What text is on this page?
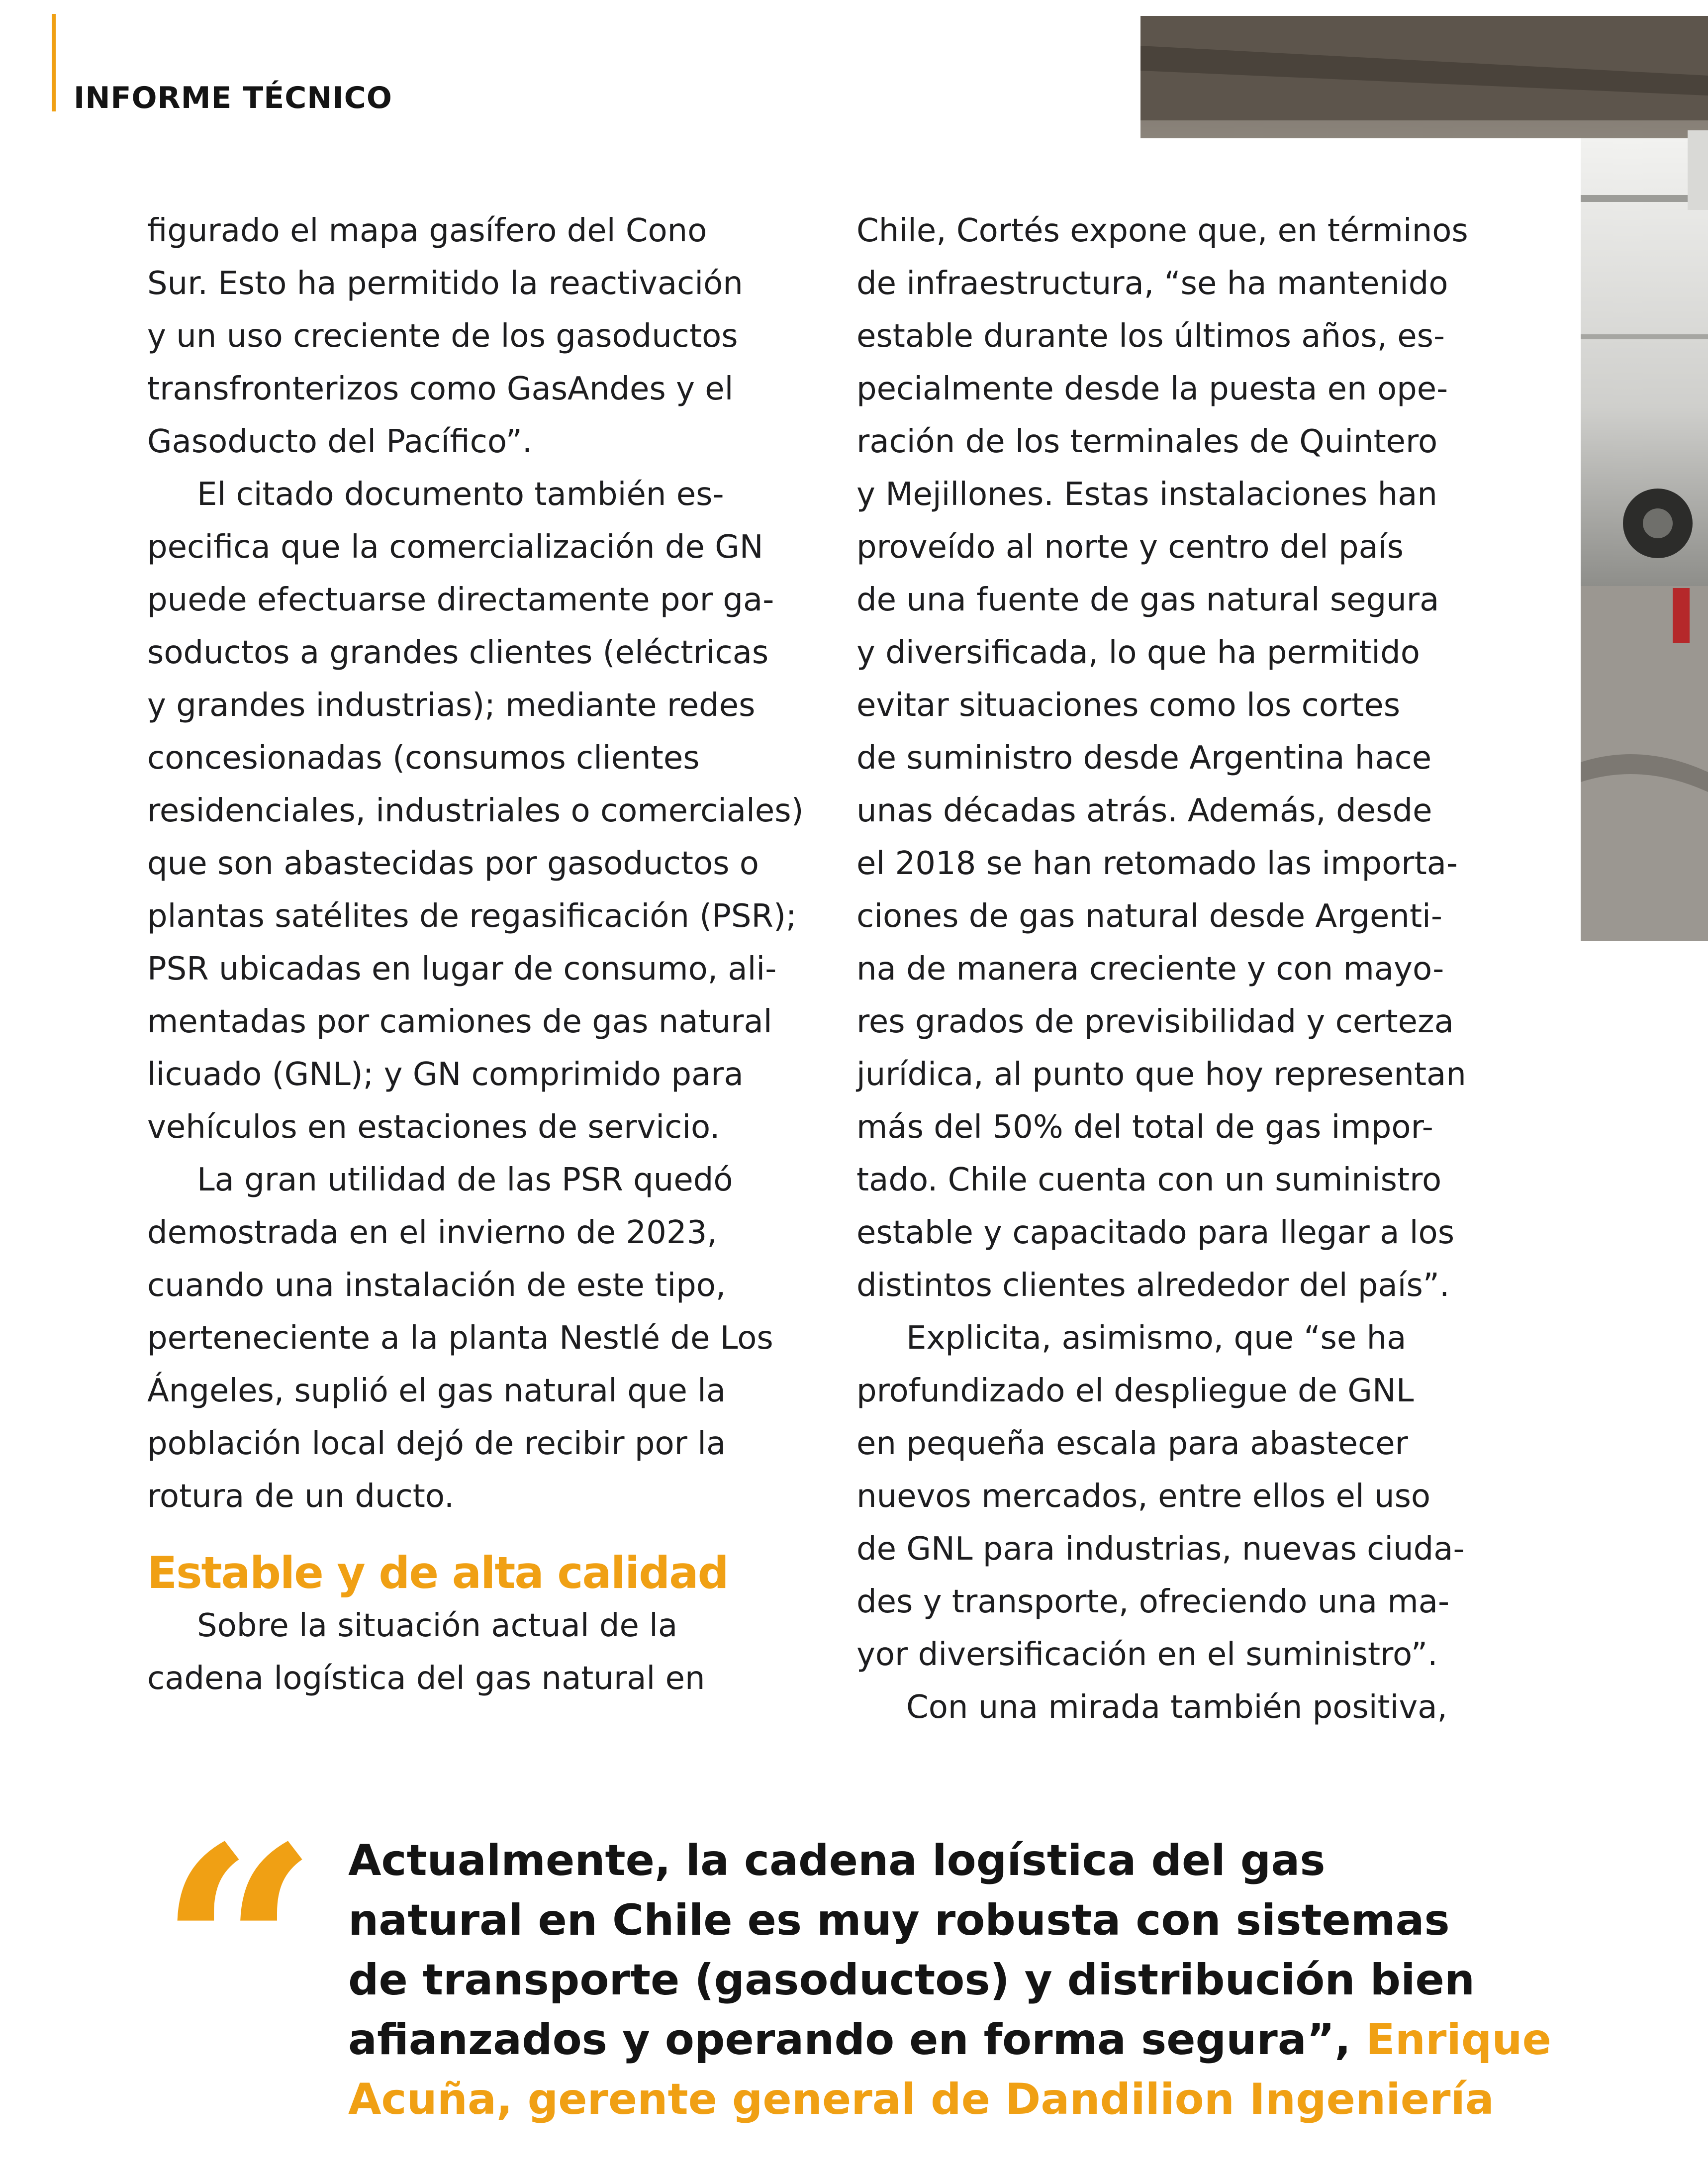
INFORME TÉCNICO
figurado el mapa gasífero del Cono
Sur. Esto ha permitido la reactivación
y un uso creciente de los gasoductos
transfronterizos como GasAndes y el
Gasoducto del Pacífico”.
El citado documento también es-
pecifica que la comercialización de GN
puede efectuarse directamente por ga-
soductos a grandes clientes (eléctricas
y grandes industrias); mediante redes
concesionadas (consumos clientes
residenciales, industriales o comerciales)
que son abastecidas por gasoductos o
plantas satélites de regasificación (PSR);
PSR ubicadas en lugar de consumo, ali-
mentadas por camiones de gas natural
licuado (GNL); y GN comprimido para
vehículos en estaciones de servicio.
La gran utilidad de las PSR quedó
demostrada en el invierno de 2023,
cuando una instalación de este tipo,
perteneciente a la planta Nestlé de Los
Ángeles, suplió el gas natural que la
población local dejó de recibir por la
rotura de un ducto.
Estable y de alta calidad
Sobre la situación actual de la
cadena logística del gas natural en
Chile, Cortés expone que, en términos
de infraestructura, “se ha mantenido
estable durante los últimos años, es-
pecialmente desde la puesta en ope-
ración de los terminales de Quintero
y Mejillones. Estas instalaciones han
proveído al norte y centro del país
de una fuente de gas natural segura
y diversificada, lo que ha permitido
evitar situaciones como los cortes
de suministro desde Argentina hace
unas décadas atrás. Además, desde
el 2018 se han retomado las importa-
ciones de gas natural desde Argenti-
na de manera creciente y con mayo-
res grados de previsibilidad y certeza
jurídica, al punto que hoy representan
más del 50% del total de gas impor-
tado. Chile cuenta con un suministro
estable y capacitado para llegar a los
distintos clientes alrededor del país”.
Explicita, asimismo, que “se ha
profundizado el despliegue de GNL
en pequeña escala para abastecer
nuevos mercados, entre ellos el uso
de GNL para industrias, nuevas ciuda-
des y transporte, ofreciendo una ma-
yor diversificación en el suministro”.
Con una mirada también positiva,
“ Actualmente, la cadena logística del gas
natural en Chile es muy robusta con sistemas
de transporte (gasoductos) y distribución bien
afianzados y operando en forma segura”, Enrique
Acuña, gerente general de Dandilion Ingeniería
